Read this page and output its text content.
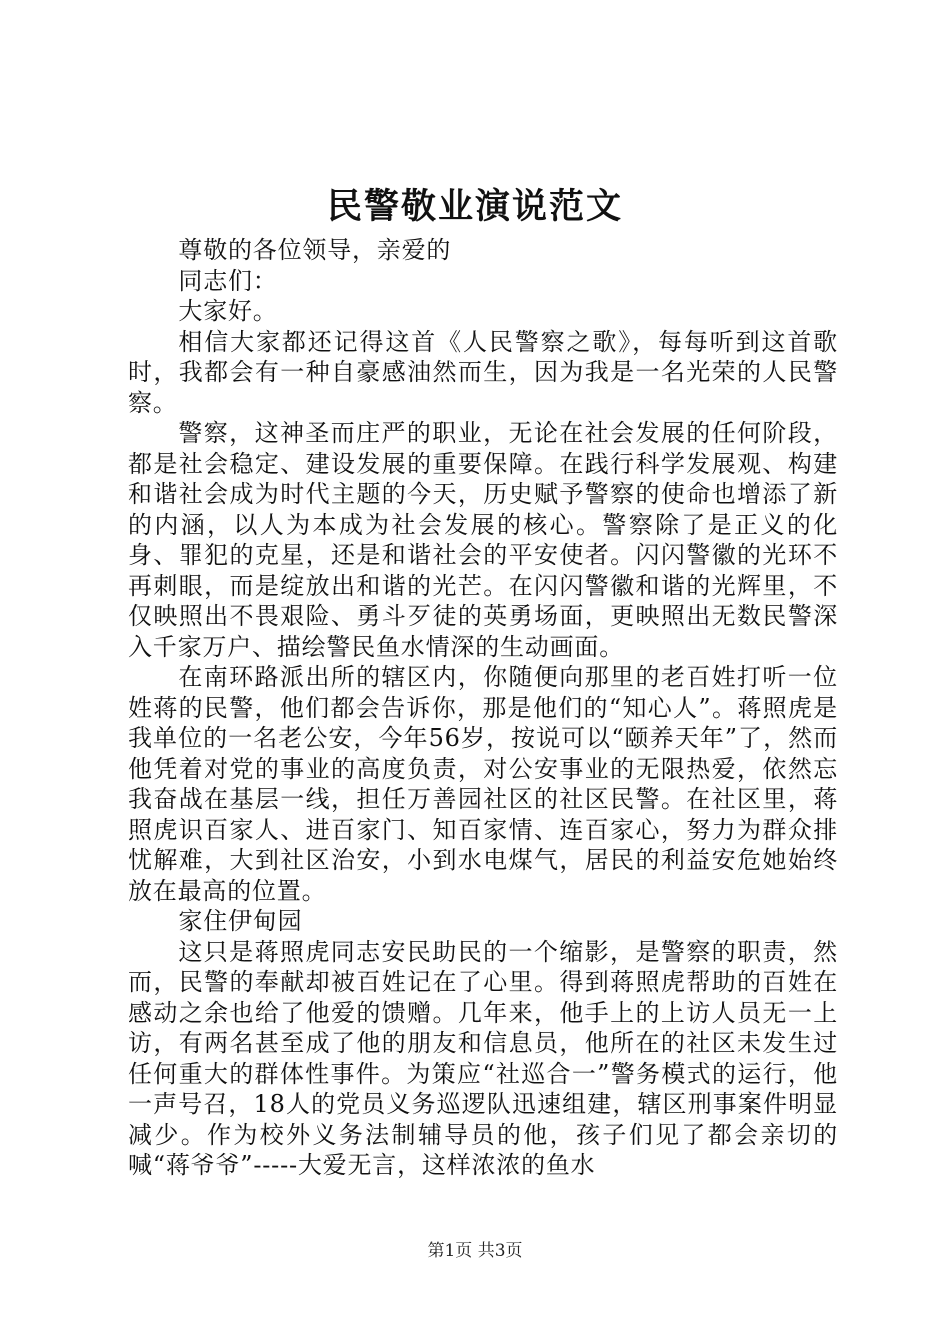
民警敬业演说范文

尊敬的各位领导，亲爱的

同志们：

大家好。

相信大家都还记得这首《人民警察之歌》，每每听到这首歌时，我都会有一种自豪感油然而生，因为我是一名光荣的人民警察。

警察，这神圣而庄严的职业，无论在社会发展的任何阶段，都是社会稳定、建设发展的重要保障。在践行科学发展观、构建和谐社会成为时代主题的今天，历史赋予警察的使命也增添了新的内涵，以人为本成为社会发展的核心。警察除了是正义的化身、罪犯的克星，还是和谐社会的平安使者。闪闪警徽的光环不再刺眼，而是绽放出和谐的光芒。在闪闪警徽和谐的光辉里，不仅映照出不畏艰险、勇斗歹徒的英勇场面，更映照出无数民警深入千家万户、描绘警民鱼水情深的生动画面。

在南环路派出所的辖区内，你随便向那里的老百姓打听一位姓蒋的民警，他们都会告诉你，那是他们的“知心人”。蒋照虎是我单位的一名老公安，今年56岁，按说可以“颐养天年”了，然而他凭着对党的事业的高度负责，对公安事业的无限热爱，依然忘我奋战在基层一线，担任万善园社区的社区民警。在社区里，蒋照虎识百家人、进百家门、知百家情、连百家心，努力为群众排忧解难，大到社区治安，小到水电煤气，居民的利益安危她始终放在最高的位置。

家住伊甸园

这只是蒋照虎同志安民助民的一个缩影，是警察的职责，然而，民警的奉献却被百姓记在了心里。得到蒋照虎帮助的百姓在感动之余也给了他爱的馈赠。几年来，他手上的上访人员无一上访，有两名甚至成了他的朋友和信息员，他所在的社区未发生过任何重大的群体性事件。为策应“社巡合一”警务模式的运行，他一声号召，18人的党员义务巡逻队迅速组建，辖区刑事案件明显减少。作为校外义务法制辅导员的他，孩子们见了都会亲切的喊“蒋爷爷”-----大爱无言，这样浓浓的鱼水

第1页 共3页
